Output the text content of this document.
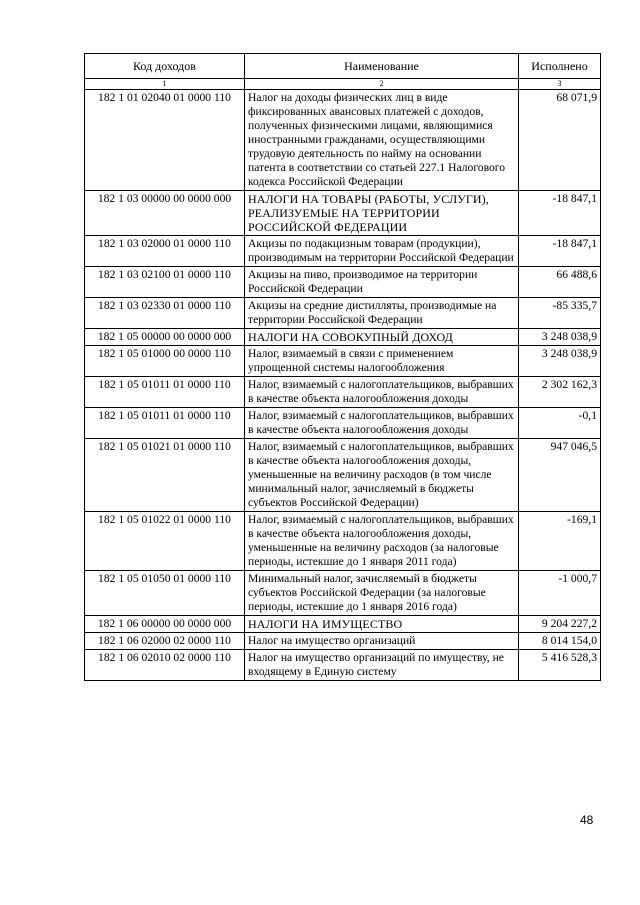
Код доходов	Наименование	Исполнено
1	2	3
182 1 01 02040 01 0000 110	Налог на доходы физических лиц в виде фиксированных авансовых платежей с доходов, полученных физическими лицами, являющимися иностранными гражданами, осуществляющими трудовую деятельность по найму на основании патента в соответствии со статьей 227.1 Налогового кодекса Российской Федерации	68 071,9
182 1 03 00000 00 0000 000	НАЛОГИ НА ТОВАРЫ (РАБОТЫ, УСЛУГИ), РЕАЛИЗУЕМЫЕ НА ТЕРРИТОРИИ РОССИЙСКОЙ ФЕДЕРАЦИИ	-18 847,1
182 1 03 02000 01 0000 110	Акцизы по подакцизным товарам (продукции), производимым на территории Российской Федерации	-18 847,1
182 1 03 02100 01 0000 110	Акцизы на пиво, производимое на территории Российской Федерации	66 488,6
182 1 03 02330 01 0000 110	Акцизы на средние дистилляты, производимые на территории Российской Федерации	-85 335,7
182 1 05 00000 00 0000 000	НАЛОГИ НА СОВОКУПНЫЙ ДОХОД	3 248 038,9
182 1 05 01000 00 0000 110	Налог, взимаемый в связи с применением упрощенной системы налогообложения	3 248 038,9
182 1 05 01011 01 0000 110	Налог, взимаемый с налогоплательщиков, выбравших в качестве объекта налогообложения доходы	2 302 162,3
182 1 05 01011 01 0000 110	Налог, взимаемый с налогоплательщиков, выбравших в качестве объекта налогообложения доходы	-0,1
182 1 05 01021 01 0000 110	Налог, взимаемый с налогоплательщиков, выбравших в качестве объекта налогообложения доходы, уменьшенные на величину расходов (в том числе минимальный налог, зачисляемый в бюджеты субъектов Российской Федерации)	947 046,5
182 1 05 01022 01 0000 110	Налог, взимаемый с налогоплательщиков, выбравших в качестве объекта налогообложения доходы, уменьшенные на величину расходов (за налоговые периоды, истекшие до 1 января 2011 года)	-169,1
182 1 05 01050 01 0000 110	Минимальный налог, зачисляемый в бюджеты субъектов Российской Федерации (за налоговые периоды, истекшие до 1 января 2016 года)	-1 000,7
182 1 06 00000 00 0000 000	НАЛОГИ НА ИМУЩЕСТВО	9 204 227,2
182 1 06 02000 02 0000 110	Налог на имущество организаций	8 014 154,0
182 1 06 02010 02 0000 110	Налог на имущество организаций по имуществу, не входящему в Единую систему	5 416 528,3
48
